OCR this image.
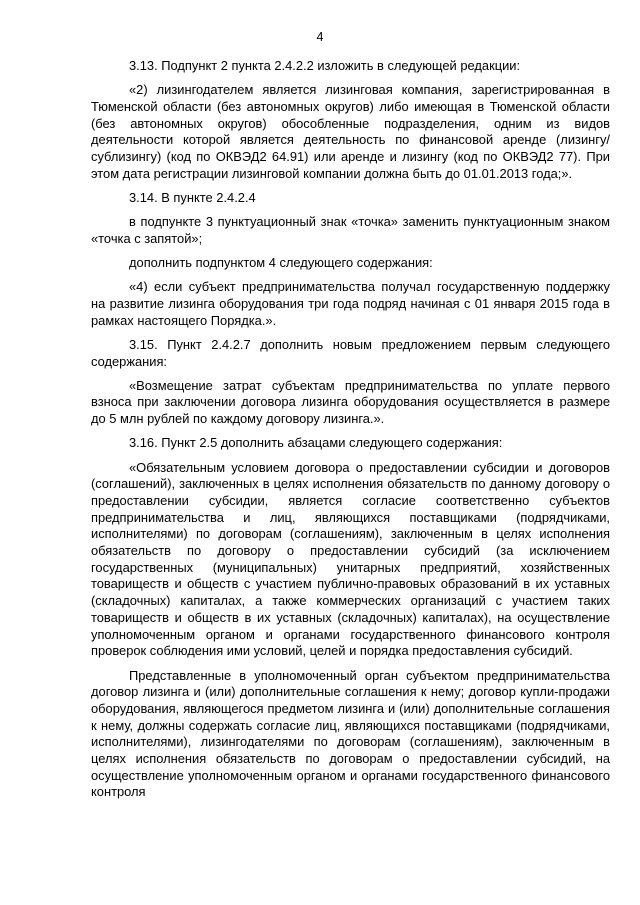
4

3.13. Подпункт 2 пункта 2.4.2.2 изложить в следующей редакции:

«2) лизингодателем является лизинговая компания, зарегистрированная в Тюменской области (без автономных округов) либо имеющая в Тюменской области (без автономных округов) обособленные подразделения, одним из видов деятельности которой является деятельность по финансовой аренде (лизингу/сублизингу) (код по ОКВЭД2 64.91) или аренде и лизингу (код по ОКВЭД2 77). При этом дата регистрации лизинговой компании должна быть до 01.01.2013 года;».

3.14. В пункте 2.4.2.4

в подпункте 3 пунктуационный знак «точка» заменить пунктуационным знаком «точка с запятой»;

дополнить подпунктом 4 следующего содержания:

«4) если субъект предпринимательства получал государственную поддержку на развитие лизинга оборудования три года подряд начиная с 01 января 2015 года в рамках настоящего Порядка.».

3.15. Пункт 2.4.2.7 дополнить новым предложением первым следующего содержания:

«Возмещение затрат субъектам предпринимательства по уплате первого взноса при заключении договора лизинга оборудования осуществляется в размере до 5 млн рублей по каждому договору лизинга.».

3.16. Пункт 2.5 дополнить абзацами следующего содержания:

«Обязательным условием договора о предоставлении субсидии и договоров (соглашений), заключенных в целях исполнения обязательств по данному договору о предоставлении субсидии, является согласие соответственно субъектов предпринимательства и лиц, являющихся поставщиками (подрядчиками, исполнителями) по договорам (соглашениям), заключенным в целях исполнения обязательств по договору о предоставлении субсидий (за исключением государственных (муниципальных) унитарных предприятий, хозяйственных товариществ и обществ с участием публично-правовых образований в их уставных (складочных) капиталах, а также коммерческих организаций с участием таких товариществ и обществ в их уставных (складочных) капиталах), на осуществление уполномоченным органом и органами государственного финансового контроля проверок соблюдения ими условий, целей и порядка предоставления субсидий.

Представленные в уполномоченный орган субъектом предпринимательства договор лизинга и (или) дополнительные соглашения к нему; договор купли-продажи оборудования, являющегося предметом лизинга и (или) дополнительные соглашения к нему, должны содержать согласие лиц, являющихся поставщиками (подрядчиками, исполнителями), лизингодателями по договорам (соглашениям), заключенным в целях исполнения обязательств по договорам о предоставлении субсидий, на осуществление уполномоченным органом и органами государственного финансового контроля
